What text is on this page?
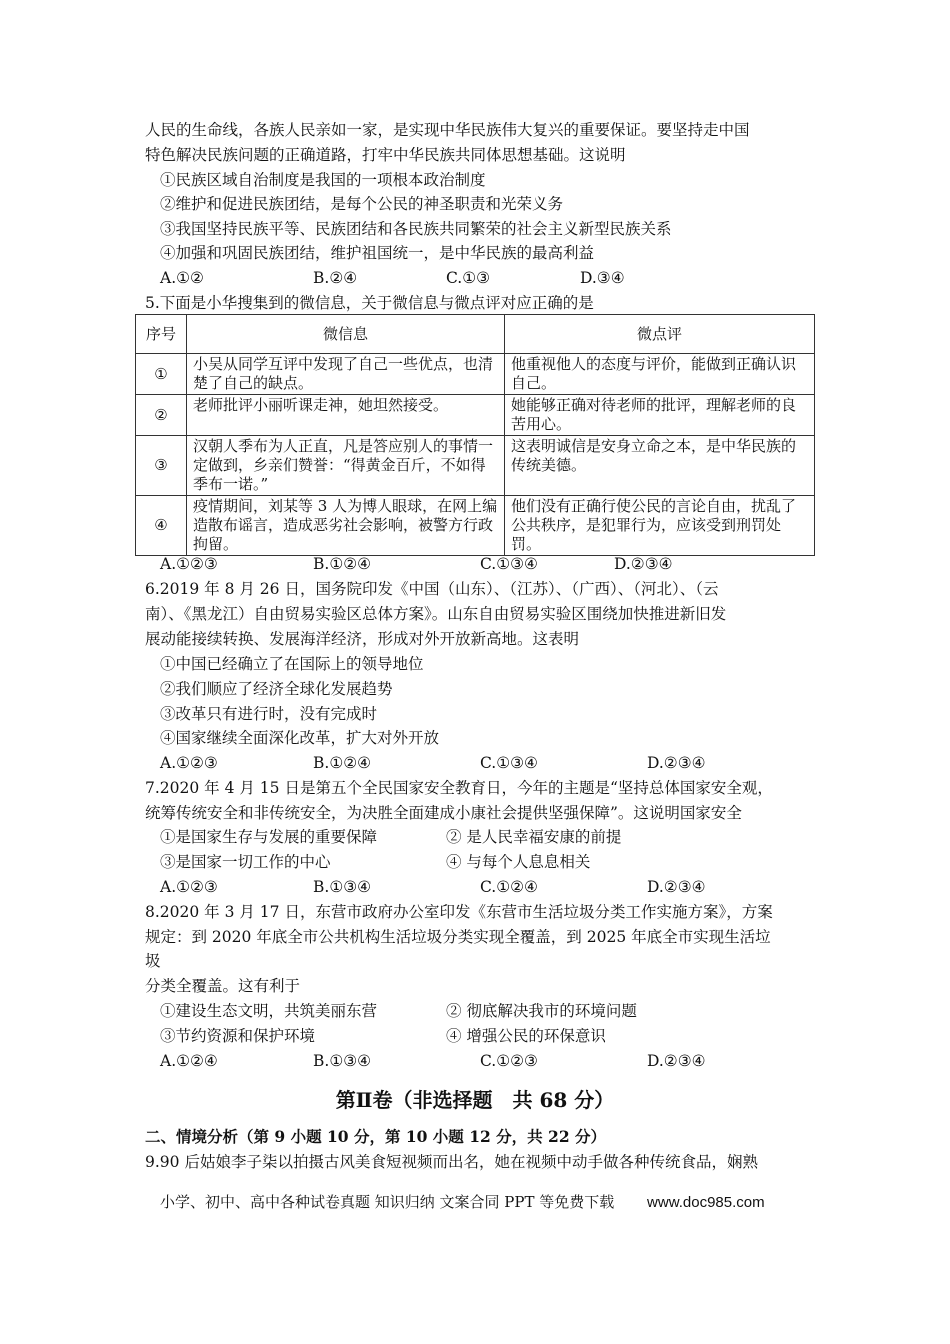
人民的生命线，各族人民亲如一家，是实现中华民族伟大复兴的重要保证。要坚持走中国
特色解决民族问题的正确道路，打牢中华民族共同体思想基础。这说明
①民族区域自治制度是我国的一项根本政治制度
②维护和促进民族团结，是每个公民的神圣职责和光荣义务
③我国坚持民族平等、民族团结和各民族共同繁荣的社会主义新型民族关系
④加强和巩固民族团结，维护祖国统一，是中华民族的最高利益
A.①②	B.②④	C.①③	D.③④
5.下面是小华搜集到的微信息，关于微信息与微点评对应正确的是
序号	微信息	微点评
①	小吴从同学互评中发现了自己一些优点，也清楚了自己的缺点。	他重视他人的态度与评价，能做到正确认识自己。
②	老师批评小丽听课走神，她坦然接受。	她能够正确对待老师的批评，理解老师的良苦用心。
③	汉朝人季布为人正直，凡是答应别人的事情一定做到，乡亲们赞誉：“得黄金百斤，不如得季布一诺。”	这表明诚信是安身立命之本，是中华民族的传统美德。
④	疫情期间，刘某等 3 人为博人眼球，在网上编造散布谣言，造成恶劣社会影响，被警方行政拘留。	他们没有正确行使公民的言论自由，扰乱了公共秩序，是犯罪行为，应该受到刑罚处罚。
A.①②③	B.①②④	C.①③④	D.②③④
6.2019 年 8 月 26 日，国务院印发《中国（山东）、（江苏）、（广西）、（河北）、（云
南）、《黑龙江）自由贸易实验区总体方案》。山东自由贸易实验区围绕加快推进新旧发
展动能接续转换、发展海洋经济，形成对外开放新高地。这表明
①中国已经确立了在国际上的领导地位
②我们顺应了经济全球化发展趋势
③改革只有进行时，没有完成时
④国家继续全面深化改革，扩大对外开放
A.①②③	B.①②④	C.①③④	D.②③④
7.2020 年 4 月 15 日是第五个全民国家安全教育日，今年的主题是“坚持总体国家安全观，
统筹传统安全和非传统安全，为决胜全面建成小康社会提供坚强保障”。这说明国家安全
①是国家生存与发展的重要保障	② 是人民幸福安康的前提
③是国家一切工作的中心	④ 与每个人息息相关
A.①②③	B.①③④	C.①②④	D.②③④
8.2020 年 3 月 17 日，东营市政府办公室印发《东营市生活垃圾分类工作实施方案》，方案
规定：到 2020 年底全市公共机构生活垃圾分类实现全覆盖，到 2025 年底全市实现生活垃
圾
分类全覆盖。这有利于
①建设生态文明，共筑美丽东营	② 彻底解决我市的环境问题
③节约资源和保护环境	④ 增强公民的环保意识
A.①②④	B.①③④	C.①②③	D.②③④
第Ⅱ卷（非选择题　共 68 分）
二、情境分析（第 9 小题 10 分，第 10 小题 12 分，共 22 分）
9.90 后姑娘李子柒以拍摄古风美食短视频而出名，她在视频中动手做各种传统食品，娴熟
小学、初中、高中各种试卷真题 知识归纳 文案合同 PPT 等免费下载 www.doc985.com
